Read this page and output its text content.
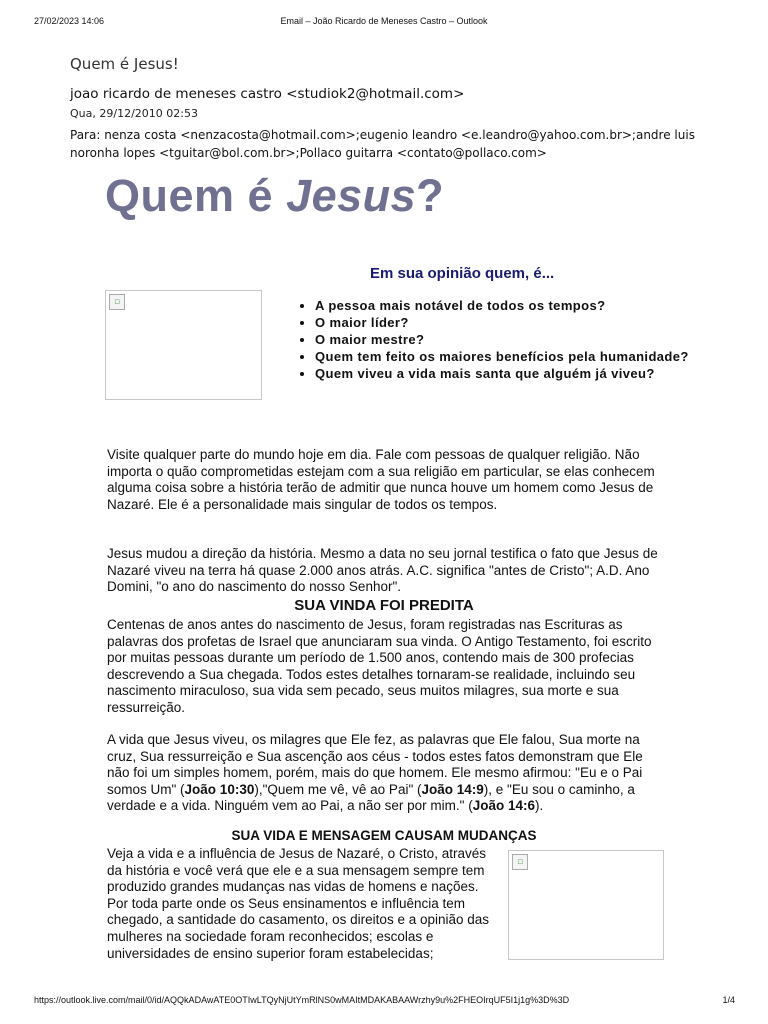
27/02/2023 14:06	Email – João Ricardo de Meneses Castro – Outlook
Quem é Jesus!
joao ricardo de meneses castro <studiok2@hotmail.com>
Qua, 29/12/2010 02:53
Para: nenza costa <nenzacosta@hotmail.com>;eugenio leandro <e.leandro@yahoo.com.br>;andre luis noronha lopes <tguitar@bol.com.br>;Pollaco guitarra <contato@pollaco.com>
Quem é Jesus?
Em sua opinião quem, é...
▫
•	A pessoa mais notável de todos os tempos?
• O maior líder?
• O maior mestre?
• Quem tem feito os maiores benefícios pela humanidade?
• Quem viveu a vida mais santa que alguém já viveu?

Visite qualquer parte do mundo hoje em dia. Fale com pessoas de qualquer religião. Não importa o quão comprometidas estejam com a sua religião em particular, se elas conhecem alguma coisa sobre a história terão de admitir que nunca houve um homem como Jesus de Nazaré. Ele é a personalidade mais singular de todos os tempos.

Jesus mudou a direção da história. Mesmo a data no seu jornal testifica o fato que Jesus de Nazaré viveu na terra há quase 2.000 anos atrás. A.C. significa "antes de Cristo"; A.D. Ano Domini, "o ano do nascimento do nosso Senhor".

SUA VINDA FOI PREDITA

Centenas de anos antes do nascimento de Jesus, foram registradas nas Escrituras as palavras dos profetas de Israel que anunciaram sua vinda. O Antigo Testamento, foi escrito por muitas pessoas durante um período de 1.500 anos, contendo mais de 300 profecias descrevendo a Sua chegada. Todos estes detalhes tornaram-se realidade, incluindo seu nascimento miraculoso, sua vida sem pecado, seus muitos milagres, sua morte e sua ressurreição.

A vida que Jesus viveu, os milagres que Ele fez, as palavras que Ele falou, Sua morte na cruz, Sua ressurreição e Sua ascenção aos céus - todos estes fatos demonstram que Ele não foi um simples homem, porém, mais do que homem. Ele mesmo afirmou: "Eu e o Pai somos Um" (João 10:30),"Quem me vê, vê ao Pai" (João 14:9), e "Eu sou o caminho, a verdade e a vida. Ninguém vem ao Pai, a não ser por mim." (João 14:6).

SUA VIDA E MENSAGEM CAUSAM MUDANÇAS

Veja a vida e a influência de Jesus de Nazaré, o Cristo, através da história e você verá que ele e a sua mensagem sempre tem produzido grandes mudanças nas vidas de homens e nações. Por toda parte onde os Seus ensinamentos e influência tem chegado, a santidade do casamento, os direitos e a opinião das mulheres na sociedade foram reconhecidos; escolas e universidades de ensino superior foram estabelecidas;

▫
https://outlook.live.com/mail/0/id/AQQkADAwATE0OTIwLTQyNjUtYmRlNS0wMAItMDAKABAAWrzhy9u%2FHEOIrqUF5I1j1g%3D%3D	1/4
